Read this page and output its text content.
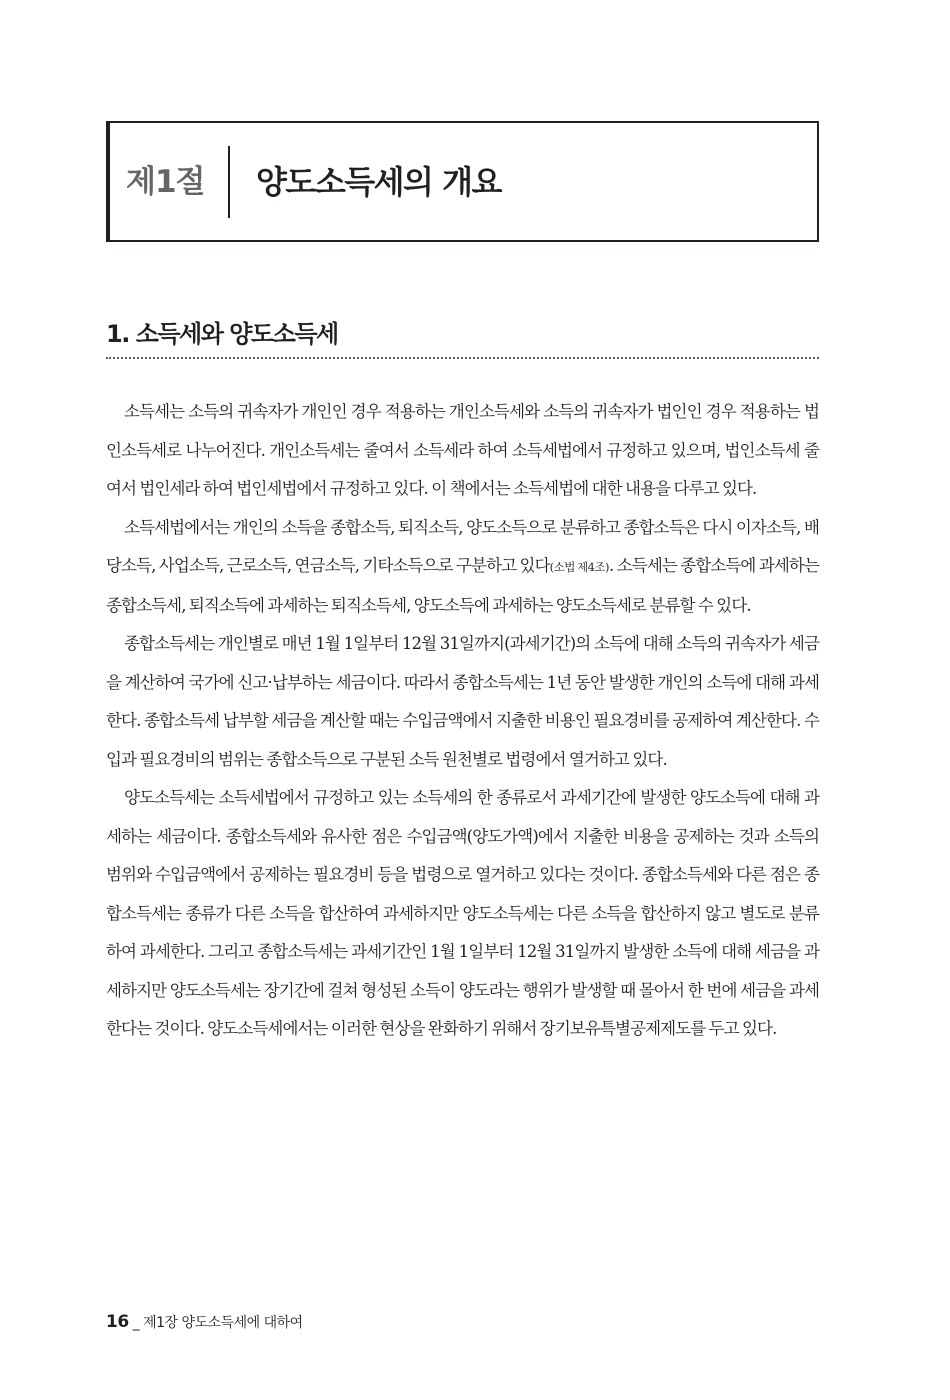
제1절 양도소득세의 개요
1. 소득세와 양도소득세

소득세는 소득의 귀속자가 개인인 경우 적용하는 개인소득세와 소득의 귀속자가 법인인 경우 적용하는 법인소득세로 나누어진다. 개인소득세는 줄여서 소득세라 하여 소득세법에서 규정하고 있으며, 법인소득세 줄여서 법인세라 하여 법인세법에서 규정하고 있다. 이 책에서는 소득세법에 대한 내용을 다루고 있다.

소득세법에서는 개인의 소득을 종합소득, 퇴직소득, 양도소득으로 분류하고 종합소득은 다시 이자소득, 배당소득, 사업소득, 근로소득, 연금소득, 기타소득으로 구분하고 있다(소법 제4조). 소득세는 종합소득에 과세하는 종합소득세, 퇴직소득에 과세하는 퇴직소득세, 양도소득에 과세하는 양도소득세로 분류할 수 있다.

종합소득세는 개인별로 매년 1월 1일부터 12월 31일까지(과세기간)의 소득에 대해 소득의 귀속자가 세금을 계산하여 국가에 신고·납부하는 세금이다. 따라서 종합소득세는 1년 동안 발생한 개인의 소득에 대해 과세한다. 종합소득세 납부할 세금을 계산할 때는 수입금액에서 지출한 비용인 필요경비를 공제하여 계산한다. 수입과 필요경비의 범위는 종합소득으로 구분된 소득 원천별로 법령에서 열거하고 있다.

양도소득세는 소득세법에서 규정하고 있는 소득세의 한 종류로서 과세기간에 발생한 양도소득에 대해 과세하는 세금이다. 종합소득세와 유사한 점은 수입금액(양도가액)에서 지출한 비용을 공제하는 것과 소득의 범위와 수입금액에서 공제하는 필요경비 등을 법령으로 열거하고 있다는 것이다. 종합소득세와 다른 점은 종합소득세는 종류가 다른 소득을 합산하여 과세하지만 양도소득세는 다른 소득을 합산하지 않고 별도로 분류하여 과세한다. 그리고 종합소득세는 과세기간인 1월 1일부터 12월 31일까지 발생한 소득에 대해 세금을 과세하지만 양도소득세는 장기간에 걸쳐 형성된 소득이 양도라는 행위가 발생할 때 몰아서 한 번에 세금을 과세한다는 것이다. 양도소득세에서는 이러한 현상을 완화하기 위해서 장기보유특별공제제도를 두고 있다.

16 _ 제1장 양도소득세에 대하여
